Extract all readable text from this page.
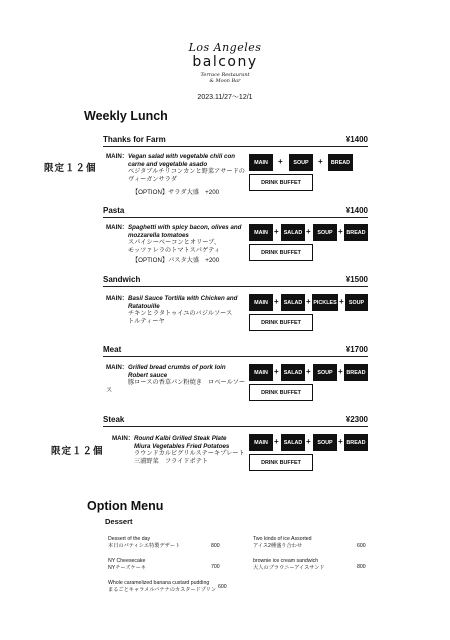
Los Angeles
balcony
Terrace Restaurant
& Moon Bar
2023.11/27〜12/1
Weekly Lunch
限定１２個
Thanks for Farm	¥1400
MAIN：Vegan salad with vegetable chili con
carne and vegetable asado
ベジタブルチリコンカンと野菜アサードの
ヴィーガンサラダ
【OPTION】サラダ大盛　+200
MAIN	+	SOUP	+	BREAD
DRINK BUFFET
Pasta	¥1400
MAIN：Spaghetti with spicy bacon, olives and
mozzarella tomatoes
スパイシーベーコンとオリーブ、
モッツァレラのトマトスパゲティ
【OPTION】パスタ大盛　+200
MAIN + SALAD +	SOUP + BREAD
DRINK BUFFET
Sandwich	¥1500
MAIN：Basil Sauce Tortilla with Chicken and
Ratatouille
チキンとラタトゥイユのバジルソース
トルティーヤ
MAIN + SALAD + PICKLES + SOUP
DRINK BUFFET
Meat	¥1700
MAIN：Grilled bread crumbs of pork loin
Robert sauce
豚ロースの香草パン粉焼き　ロベールソース
MAIN + SALAD +	SOUP + BREAD
DRINK BUFFET
限定１２個
Steak	¥2300
MAIN：Round Kalbi Grilled Steak Plate
Miura Vegetables Fried Potatoes
ラウンドカルビグリルステーキプレート
三浦野菜　フライドポテト
MAIN + SALAD +	SOUP + BREAD
DRINK BUFFET
Option Menu
Dessert
Dessert of the day
本日のパティシエ特製デザート	800
Two kinds of ice Assorted
アイス2種盛り合わせ	600
NY Cheesecake
NYチーズケーキ	700
brownie ice cream sandwich
大人のブラウニーアイスサンド	800
Whole caramelized banana custard pudding
まるごとキャラメルバナナのカスタードプリン 600
